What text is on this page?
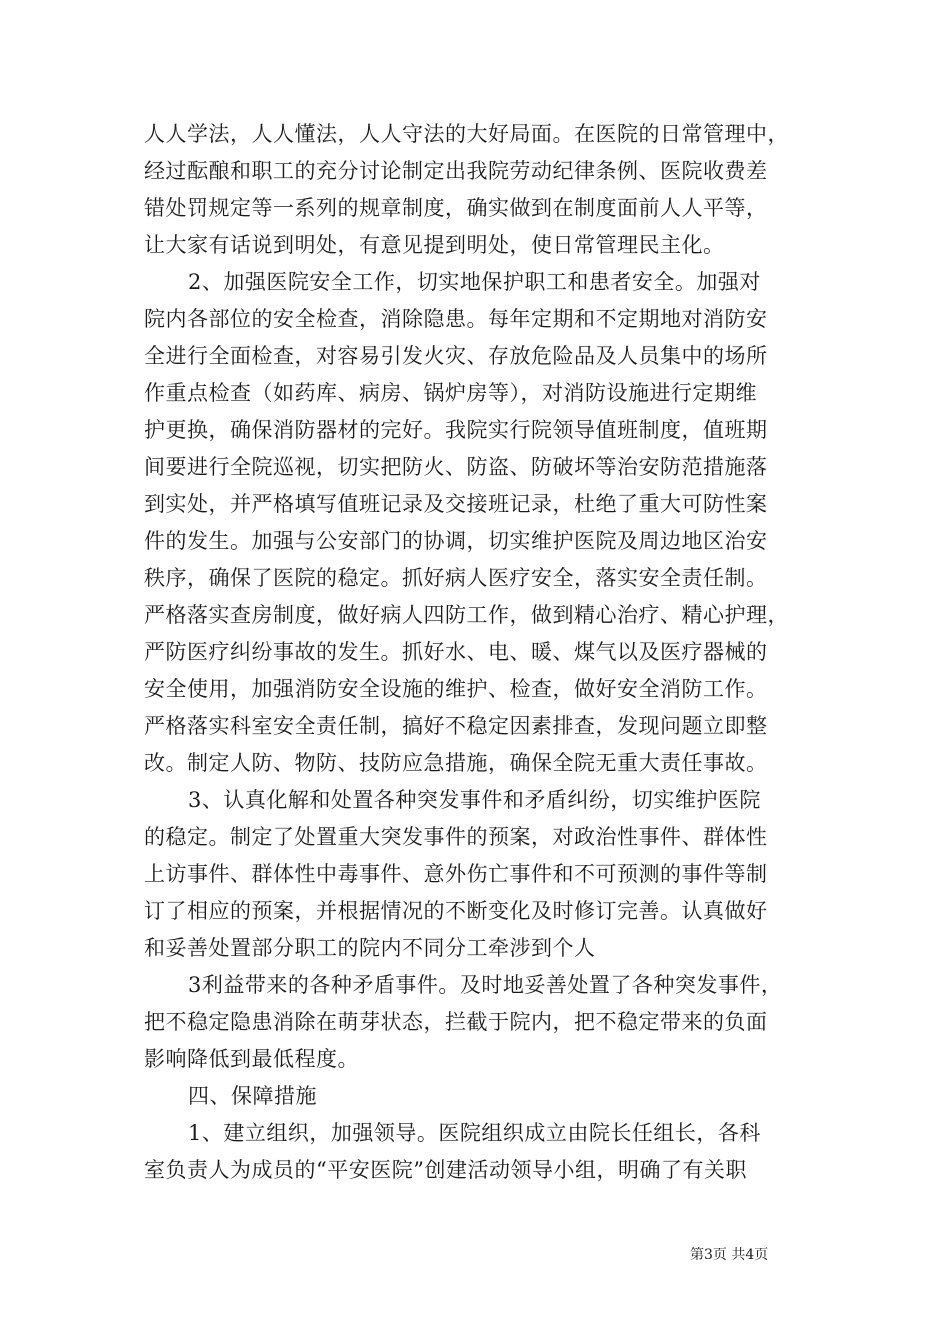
人人学法，人人懂法，人人守法的大好局面。在医院的日常管理中，
经过酝酿和职工的充分讨论制定出我院劳动纪律条例、医院收费差
错处罚规定等一系列的规章制度，确实做到在制度面前人人平等，
让大家有话说到明处，有意见提到明处，使日常管理民主化。
2、加强医院安全工作，切实地保护职工和患者安全。加强对
院内各部位的安全检查，消除隐患。每年定期和不定期地对消防安
全进行全面检查，对容易引发火灾、存放危险品及人员集中的场所
作重点检查（如药库、病房、锅炉房等），对消防设施进行定期维
护更换，确保消防器材的完好。我院实行院领导值班制度，值班期
间要进行全院巡视，切实把防火、防盗、防破坏等治安防范措施落
到实处，并严格填写值班记录及交接班记录，杜绝了重大可防性案
件的发生。加强与公安部门的协调，切实维护医院及周边地区治安
秩序，确保了医院的稳定。抓好病人医疗安全，落实安全责任制。
严格落实查房制度，做好病人四防工作，做到精心治疗、精心护理，
严防医疗纠纷事故的发生。抓好水、电、暖、煤气以及医疗器械的
安全使用，加强消防安全设施的维护、检查，做好安全消防工作。
严格落实科室安全责任制，搞好不稳定因素排查，发现问题立即整
改。制定人防、物防、技防应急措施，确保全院无重大责任事故。
3、认真化解和处置各种突发事件和矛盾纠纷，切实维护医院
的稳定。制定了处置重大突发事件的预案，对政治性事件、群体性
上访事件、群体性中毒事件、意外伤亡事件和不可预测的事件等制
订了相应的预案，并根据情况的不断变化及时修订完善。认真做好
和妥善处置部分职工的院内不同分工牵涉到个人
3利益带来的各种矛盾事件。及时地妥善处置了各种突发事件，
把不稳定隐患消除在萌芽状态，拦截于院内，把不稳定带来的负面
影响降低到最低程度。
四、保障措施
1、建立组织，加强领导。医院组织成立由院长任组长，各科
室负责人为成员的“平安医院”创建活动领导小组，明确了有关职
第3页 共4页
